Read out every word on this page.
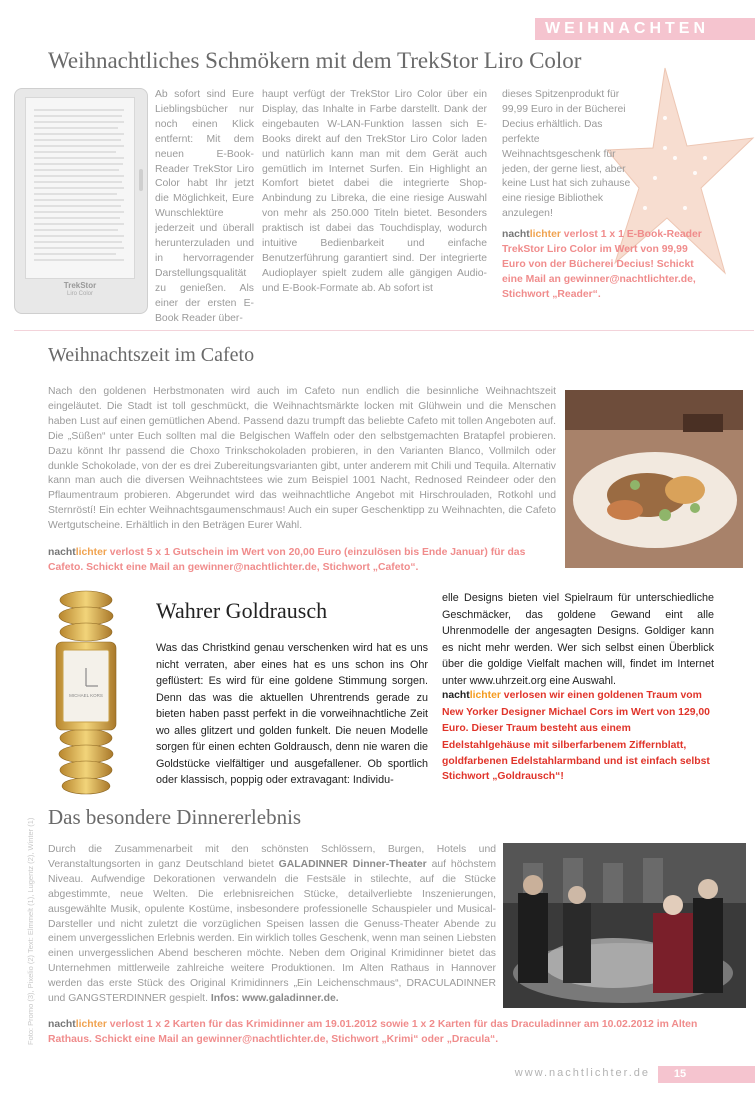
WEIHNACHTEN
Weihnachtliches Schmökern mit dem TrekStor Liro Color
TrekStor
Liro Color
Ab sofort sind Eure Lieblingsbücher nur noch einen Klick entfernt: Mit dem neuen E-Book-Reader TrekStor Liro Color habt Ihr jetzt die Möglichkeit, Eure Wunschlektüre jederzeit und überall herunterzuladen und in hervorragender Darstellungsqualität zu genießen. Als einer der ersten E-Book Reader über-
haupt verfügt der TrekStor Liro Color über ein Display, das Inhalte in Farbe darstellt. Dank der eingebauten W-LAN-Funktion lassen sich E-Books direkt auf den TrekStor Liro Color laden und natürlich kann man mit dem Gerät auch gemütlich im Internet Surfen. Ein Highlight an Komfort bietet dabei die integrierte Shop-Anbindung zu Libreka, die eine riesige Auswahl von mehr als 250.000 Titeln bietet. Besonders praktisch ist dabei das Touchdisplay, wodurch intuitive Bedienbarkeit und einfache Benutzerführung garantiert sind. Der integrierte Audioplayer spielt zudem alle gängigen Audio- und E-Book-Formate ab. Ab sofort ist
dieses Spitzenprodukt für 99,99 Euro in der Bücherei Decius erhältlich. Das perfekte Weihnachtsgeschenk für jeden, der gerne liest, aber keine Lust hat sich zuhause eine riesige Bibliothek anzulegen!
nachtlichter verlost 1 x 1 E-Book-Reader TrekStor Liro Color im Wert von 99,99 Euro von der Bücherei Decius! Schickt eine Mail an gewinner@nachtlichter.de, Stichwort „Reader“.
Weihnachtszeit im Cafeto
Nach den goldenen Herbstmonaten wird auch im Cafeto nun endlich die besinnliche Weihnachtszeit eingeläutet. Die Stadt ist toll geschmückt, die Weihnachtsmärkte locken mit Glühwein und die Menschen haben Lust auf einen gemütlichen Abend. Passend dazu trumpft das beliebte Cafeto mit tollen Angeboten auf. Die „Süßen“ unter Euch sollten mal die Belgischen Waffeln oder den selbstgemachten Bratapfel probieren. Dazu könnt Ihr passend die Choxo Trinkschokoladen probieren, in den Varianten Blanco, Vollmilch oder dunkle Schokolade, von der es drei Zubereitungsvarianten gibt, unter anderem mit Chili und Tequila. Alternativ kann man auch die diversen Weihnachtstees wie zum Beispiel 1001 Nacht, Rednosed Reindeer oder den Pflaumentraum probieren. Abgerundet wird das weihnachtliche Angebot mit Hirschrouladen, Rotkohl und Sternröstí! Ein echter Weihnachtsgaumenschmaus! Auch ein super Geschenktipp zu Weihnachten, die Cafeto Wertgutscheine. Erhältlich in den Beträgen Eurer Wahl.
nachtlichter verlost 5 x 1 Gutschein im Wert von 20,00 Euro (einzulösen bis Ende Januar) für das Cafeto. Schickt eine Mail an gewinner@nachtlichter.de, Stichwort „Cafeto“.
MICHAEL KORS
Wahrer Goldrausch
Was das Christkind genau verschenken wird hat es uns nicht verraten, aber eines hat es uns schon ins Ohr geflüstert: Es wird für eine goldene Stimmung sorgen. Denn das was die aktuellen Uhrentrends gerade zu bieten haben passt perfekt in die vorweihnachtliche Zeit wo alles glitzert und golden funkelt. Die neuen Modelle sorgen für einen echten Goldrausch, denn nie waren die Goldstücke vielfältiger und ausgefallener. Ob sportlich oder klassisch, poppig oder extravagant: Individu-
elle Designs bieten viel Spielraum für unterschiedliche Geschmäcker, das goldene Gewand eint alle Uhrenmodelle der angesagten Designs. Goldiger kann es nicht mehr werden. Wer sich selbst einen Überblick über die goldige Vielfalt machen will, findet im Internet unter www.uhrzeit.org eine Auswahl.
nachtlichter verlosen wir einen goldenen Traum vom New Yorker Designer Michael Cors im Wert von 129,00 Euro. Dieser Traum besteht aus einem Edelstahlgehäuse mit silberfarbenem Ziffernblatt, goldfarbenen Edelstahlarmband und ist einfach selbst
Stichwort „Goldrausch“!
Das besondere Dinnererlebnis
Durch die Zusammenarbeit mit den schönsten Schlössern, Burgen, Hotels und Veranstaltungsorten in ganz Deutschland bietet GALADINNER Dinner-Theater auf höchstem Niveau. Aufwendige Dekorationen verwandeln die Festsäle in stilechte, auf die Stücke abgestimmte, neue Welten. Die erlebnisreichen Stücke, detailverliebte Inszenierungen, ausgewählte Musik, opulente Kostüme, insbesondere professionelle Schauspieler und Musical-Darsteller und nicht zuletzt die vorzüglichen Speisen lassen die Genuss-Theater Abende zu einem unvergesslichen Erlebnis werden. Ein wirklich tolles Geschenk, wenn man seinen Liebsten einen unvergesslichen Abend bescheren möchte. Neben dem Original Krimidinner bietet das Unternehmen mittlerweile zahlreiche weitere Produktionen. Im Alten Rathaus in Hannover werden das erste Stück des Original Krimidinners „Ein Leichenschmaus“, DRACULADINNER und GANGSTERDINNER gespielt. Infos: www.galadinner.de.
nachtlichter verlost 1 x 2 Karten für das Krimidinner am 19.01.2012 sowie 1 x 2 Karten für das Draculadinner am 10.02.2012 im Alten Rathaus. Schickt eine Mail an gewinner@nachtlichter.de, Stichwort „Krimi“ oder „Dracula“.
Foto: Promo (3), Pixelio (2) Text: Elmmelt (1), Lugentz (2), Winter (1)
www.nachtlichter.de	15
